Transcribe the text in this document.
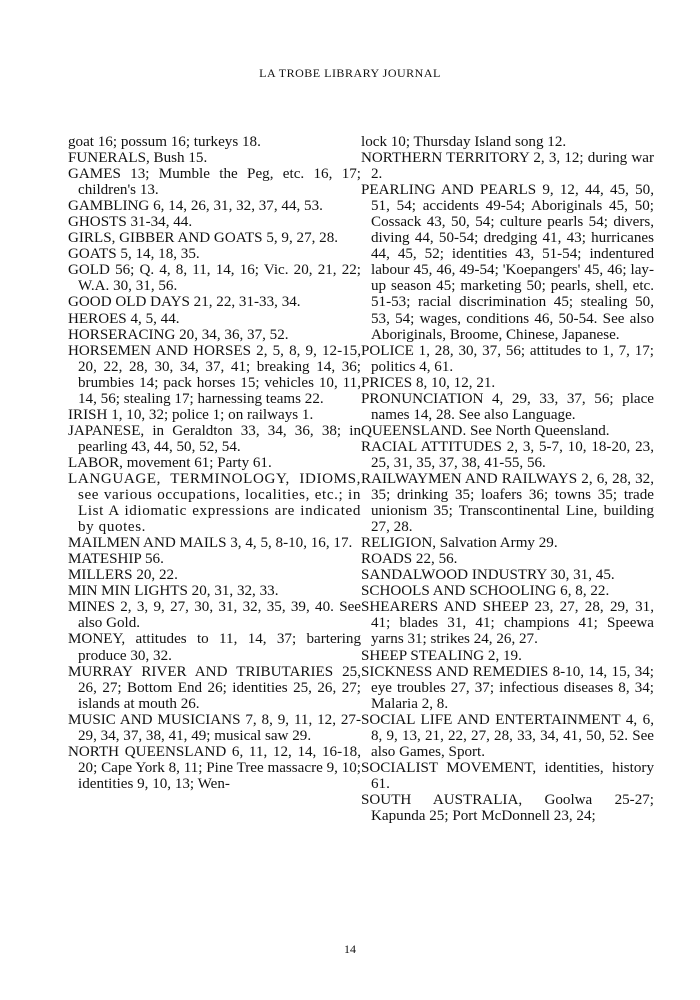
LA TROBE LIBRARY JOURNAL

goat 16; possum 16; turkeys 18.
FUNERALS, Bush 15.
GAMES 13; Mumble the Peg, etc. 16, 17; children's 13.
GAMBLING 6, 14, 26, 31, 32, 37, 44, 53.
GHOSTS 31-34, 44.
GIRLS, GIBBER AND GOATS 5, 9, 27, 28.
GOATS 5, 14, 18, 35.
GOLD 56; Q. 4, 8, 11, 14, 16; Vic. 20, 21, 22; W.A. 30, 31, 56.
GOOD OLD DAYS 21, 22, 31-33, 34.
HEROES 4, 5, 44.
HORSERACING 20, 34, 36, 37, 52.
HORSEMEN AND HORSES 2, 5, 8, 9, 12-15, 20, 22, 28, 30, 34, 37, 41; breaking 14, 36; brumbies 14; pack horses 15; vehicles 10, 11, 14, 56; stealing 17; harnessing teams 22.
IRISH 1, 10, 32; police 1; on railways 1.
JAPANESE, in Geraldton 33, 34, 36, 38; in pearling 43, 44, 50, 52, 54.
LABOR, movement 61; Party 61.
LANGUAGE, TERMINOLOGY, IDIOMS, see various occupations, localities, etc.; in List A idiomatic expressions are indicated by quotes.
MAILMEN AND MAILS 3, 4, 5, 8-10, 16, 17.
MATESHIP 56.
MILLERS 20, 22.
MIN MIN LIGHTS 20, 31, 32, 33.
MINES 2, 3, 9, 27, 30, 31, 32, 35, 39, 40. See also Gold.
MONEY, attitudes to 11, 14, 37; bartering produce 30, 32.
MURRAY RIVER AND TRIBUTARIES 25, 26, 27; Bottom End 26; identities 25, 26, 27; islands at mouth 26.
MUSIC AND MUSICIANS 7, 8, 9, 11, 12, 27-29, 34, 37, 38, 41, 49; musical saw 29.
NORTH QUEENSLAND 6, 11, 12, 14, 16-18, 20; Cape York 8, 11; Pine Tree massacre 9, 10; identities 9, 10, 13; Wen-
lock 10; Thursday Island song 12.
NORTHERN TERRITORY 2, 3, 12; during war 2.
PEARLING AND PEARLS 9, 12, 44, 45, 50, 51, 54; accidents 49-54; Aboriginals 45, 50; Cossack 43, 50, 54; culture pearls 54; divers, diving 44, 50-54; dredging 41, 43; hurricanes 44, 45, 52; identities 43, 51-54; indentured labour 45, 46, 49-54; 'Koepangers' 45, 46; lay-up season 45; marketing 50; pearls, shell, etc. 51-53; racial discrimination 45; stealing 50, 53, 54; wages, conditions 46, 50-54. See also Aboriginals, Broome, Chinese, Japanese.
POLICE 1, 28, 30, 37, 56; attitudes to 1, 7, 17; politics 4, 61.
PRICES 8, 10, 12, 21.
PRONUNCIATION 4, 29, 33, 37, 56; place names 14, 28. See also Language.
QUEENSLAND. See North Queensland.
RACIAL ATTITUDES 2, 3, 5-7, 10, 18-20, 23, 25, 31, 35, 37, 38, 41-55, 56.
RAILWAYMEN AND RAILWAYS 2, 6, 28, 32, 35; drinking 35; loafers 36; towns 35; trade unionism 35; Transcontinental Line, building 27, 28.
RELIGION, Salvation Army 29.
ROADS 22, 56.
SANDALWOOD INDUSTRY 30, 31, 45.
SCHOOLS AND SCHOOLING 6, 8, 22.
SHEARERS AND SHEEP 23, 27, 28, 29, 31, 41; blades 31, 41; champions 41; Speewa yarns 31; strikes 24, 26, 27.
SHEEP STEALING 2, 19.
SICKNESS AND REMEDIES 8-10, 14, 15, 34; eye troubles 27, 37; infectious diseases 8, 34; Malaria 2, 8.
SOCIAL LIFE AND ENTERTAINMENT 4, 6, 8, 9, 13, 21, 22, 27, 28, 33, 34, 41, 50, 52. See also Games, Sport.
SOCIALIST MOVEMENT, identities, history 61.
SOUTH AUSTRALIA, Goolwa 25-27; Kapunda 25; Port McDonnell 23, 24;

14
